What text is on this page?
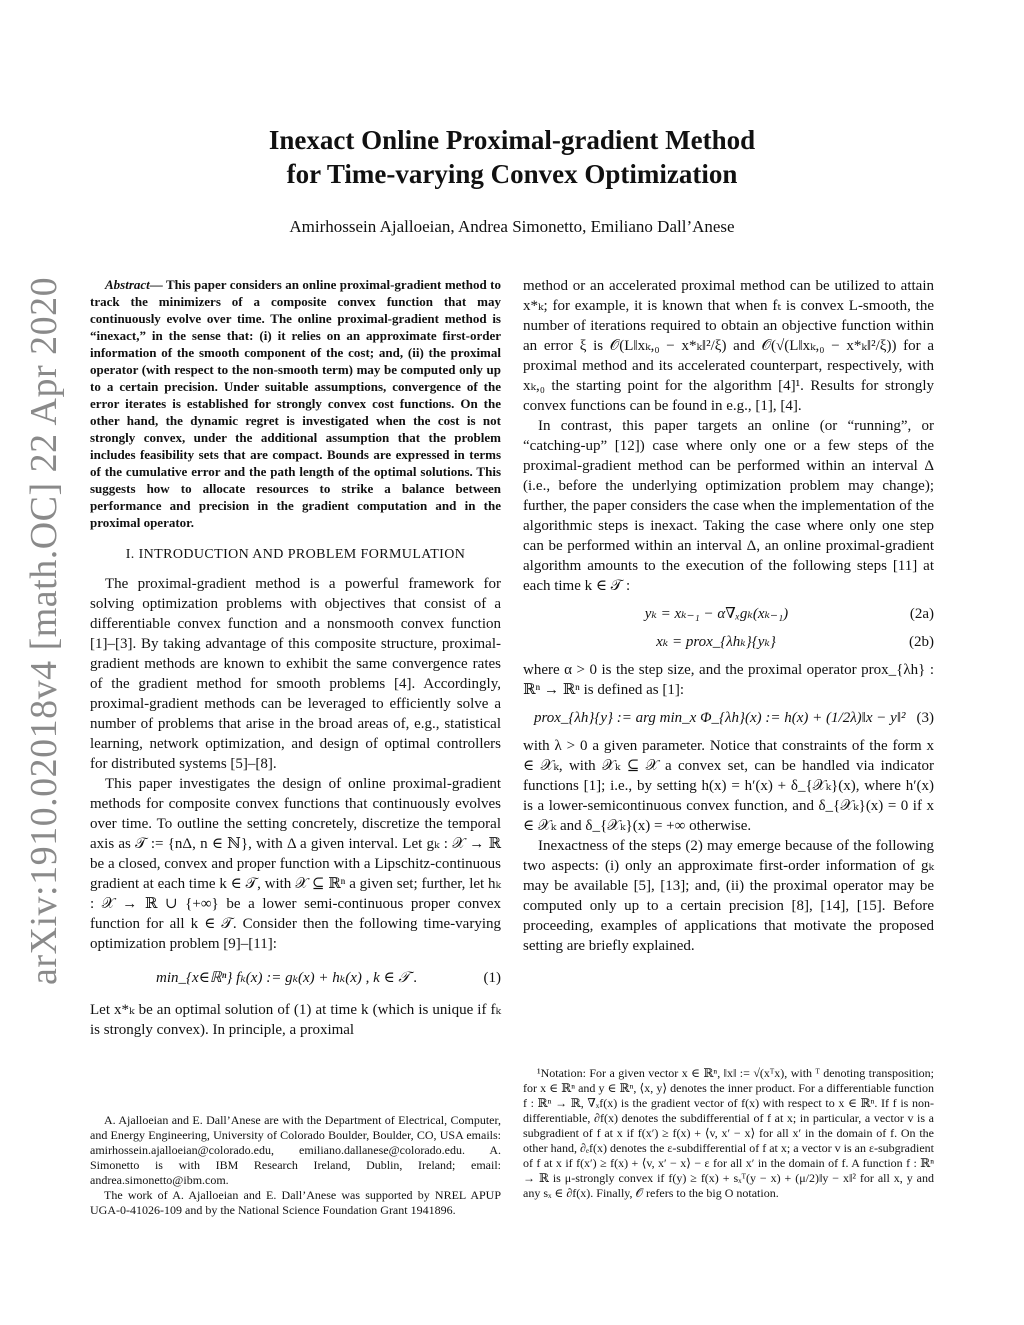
Inexact Online Proximal-gradient Method
for Time-varying Convex Optimization
Amirhossein Ajalloeian, Andrea Simonetto, Emiliano Dall’Anese
arXiv:1910.02018v4 [math.OC] 22 Apr 2020	Abstract— This paper considers an online proximal-gradient method to track the minimizers of a composite convex function that may continuously evolve over time. The online proximal-gradient method is “inexact,” in the sense that: (i) it relies on an approximate first-order information of the smooth component of the cost; and, (ii) the proximal operator (with respect to the non-smooth term) may be computed only up to a certain precision. Under suitable assumptions, convergence of the error iterates is established for strongly convex cost functions. On the other hand, the dynamic regret is investigated when the cost is not strongly convex, under the additional assumption that the problem includes feasibility sets that are compact. Bounds are expressed in terms of the cumulative error and the path length of the optimal solutions. This suggests how to allocate resources to strike a balance between performance and precision in the gradient computation and in the proximal operator.

I. INTRODUCTION AND PROBLEM FORMULATION

The proximal-gradient method is a powerful framework for solving optimization problems with objectives that consist of a differentiable convex function and a nonsmooth convex function [1]–[3]. By taking advantage of this composite structure, proximal-gradient methods are known to exhibit the same convergence rates of the gradient method for smooth problems [4]. Accordingly, proximal-gradient methods can be leveraged to efficiently solve a number of problems that arise in the broad areas of, e.g., statistical learning, network optimization, and design of optimal controllers for distributed systems [5]–[8].

This paper investigates the design of online proximal-gradient methods for composite convex functions that continuously evolves over time. To outline the setting concretely, discretize the temporal axis as 𝒯 := {nΔ, n ∈ ℕ}, with Δ a given interval. Let gₖ : 𝒳 → ℝ be a closed, convex and proper function with a Lipschitz-continuous gradient at each time k ∈ 𝒯, with 𝒳 ⊆ ℝⁿ a given set; further, let hₖ : 𝒳 → ℝ ∪ {+∞} be a lower semi-continuous proper convex function for all k ∈ 𝒯. Consider then the following time-varying optimization problem [9]–[11]:

min_{x∈ℝⁿ} fₖ(x) := gₖ(x) + hₖ(x) , k ∈ 𝒯 .	(1)

Let x*ₖ be an optimal solution of (1) at time k (which is unique if fₖ is strongly convex). In principle, a proximal

A. Ajalloeian and E. Dall’Anese are with the Department of Electrical, Computer, and Energy Engineering, University of Colorado Boulder, Boulder, CO, USA emails: amirhossein.ajalloeian@colorado.edu, emiliano.dallanese@colorado.edu. A. Simonetto is with IBM Research Ireland, Dublin, Ireland; email: andrea.simonetto@ibm.com.

The work of A. Ajalloeian and E. Dall’Anese was supported by NREL APUP UGA-0-41026-109 and by the National Science Foundation Grant 1941896.

method or an accelerated proximal method can be utilized to attain x*ₖ; for example, it is known that when fₜ is convex L-smooth, the number of iterations required to obtain an objective function within an error ξ is 𝒪(L‖xₖ,₀ − x*ₖ‖²/ξ) and 𝒪(√(L‖xₖ,₀ − x*ₖ‖²/ξ)) for a proximal method and its accelerated counterpart, respectively, with xₖ,₀ the starting point for the algorithm [4]¹. Results for strongly convex functions can be found in e.g., [1], [4].

In contrast, this paper targets an online (or “running”, or “catching-up” [12]) case where only one or a few steps of the proximal-gradient method can be performed within an interval Δ (i.e., before the underlying optimization problem may change); further, the paper considers the case when the implementation of the algorithmic steps is inexact. Taking the case where only one step can be performed within an interval Δ, an online proximal-gradient algorithm amounts to the execution of the following steps [11] at each time k ∈ 𝒯 :

yₖ = xₖ₋₁ − α∇ₓgₖ(xₖ₋₁)	(2a)
xₖ = prox_{λhₖ}{yₖ}	(2b)

where α > 0 is the step size, and the proximal operator prox_{λh} : ℝⁿ → ℝⁿ is defined as [1]:

prox_{λh}{y} := arg min_x Φ_{λh}(x) := h(x) + (1/2λ)‖x − y‖² (3)

with λ > 0 a given parameter. Notice that constraints of the form x ∈ 𝒳ₖ, with 𝒳ₖ ⊆ 𝒳 a convex set, can be handled via indicator functions [1]; i.e., by setting h(x) = h′(x) + δ_{𝒳ₖ}(x), where h′(x) is a lower-semicontinuous convex function, and δ_{𝒳ₖ}(x) = 0 if x ∈ 𝒳ₖ and δ_{𝒳ₖ}(x) = +∞ otherwise.

Inexactness of the steps (2) may emerge because of the following two aspects: (i) only an approximate first-order information of gₖ may be available [5], [13]; and, (ii) the proximal operator may be computed only up to a certain precision [8], [14], [15]. Before proceeding, examples of applications that motivate the proposed setting are briefly explained.

¹Notation: For a given vector x ∈ ℝⁿ, ‖x‖ := √(xᵀx), with ᵀ denoting transposition; for x ∈ ℝⁿ and y ∈ ℝⁿ, ⟨x, y⟩ denotes the inner product. For a differentiable function f : ℝⁿ → ℝ, ∇ₓf(x) is the gradient vector of f(x) with respect to x ∈ ℝⁿ. If f is non-differentiable, ∂f(x) denotes the subdifferential of f at x; in particular, a vector v is a subgradient of f at x if f(x′) ≥ f(x) + ⟨v, x′ − x⟩ for all x′ in the domain of f. On the other hand, ∂ₑf(x) denotes the ε-subdifferential of f at x; a vector v is an ε-subgradient of f at x if f(x′) ≥ f(x) + ⟨v, x′ − x⟩ − ε for all x′ in the domain of f. A function f : ℝⁿ → ℝ is μ-strongly convex if f(y) ≥ f(x) + sₓᵀ(y − x) + (μ/2)‖y − x‖² for all x, y and any sₓ ∈ ∂f(x). Finally, 𝒪 refers to the big O notation.
